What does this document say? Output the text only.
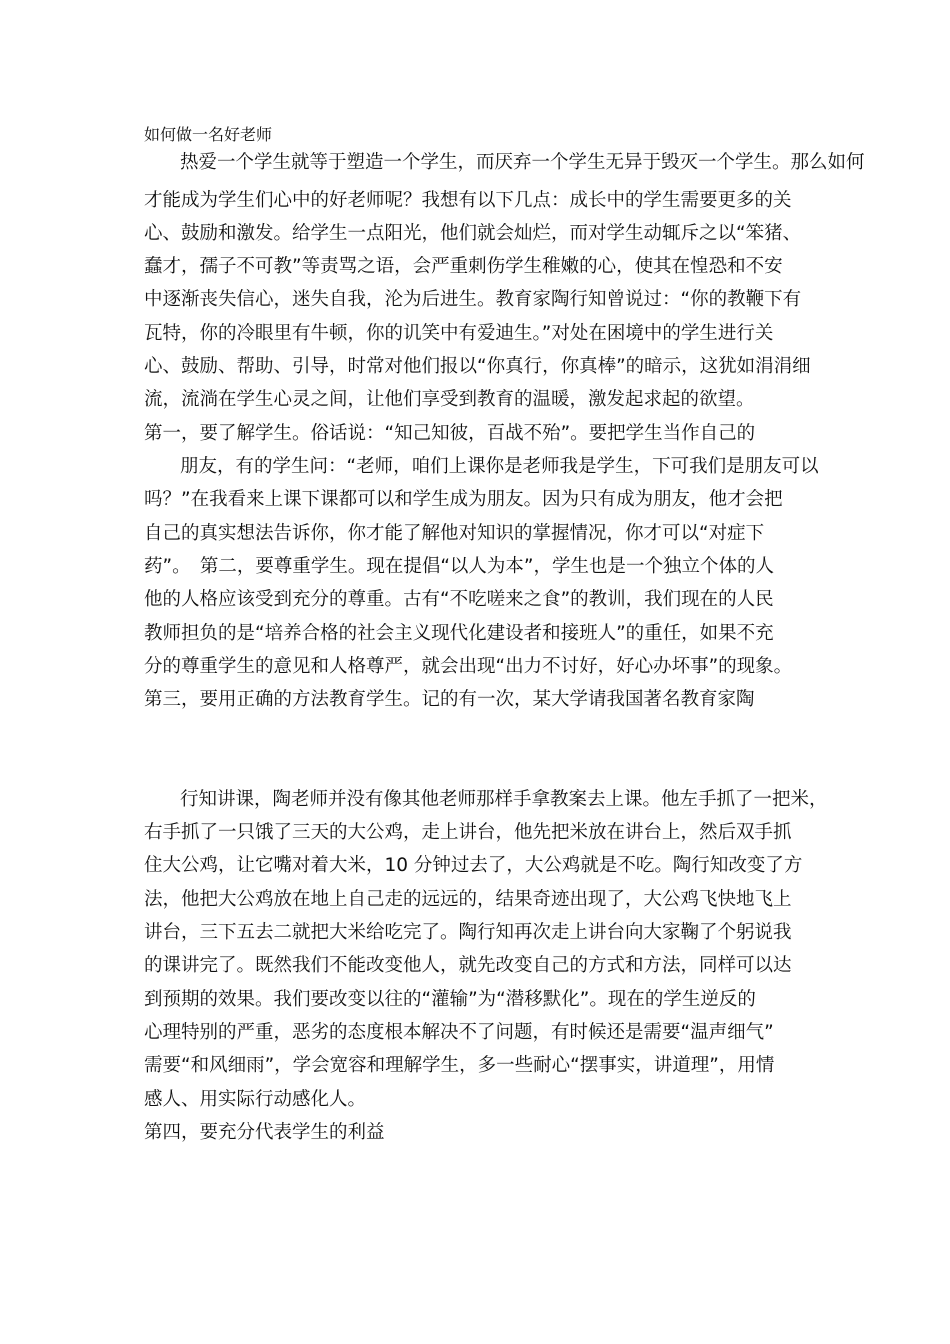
如何做一名好老师
热爱一个学生就等于塑造一个学生，而厌弃一个学生无异于毁灭一个学生。那么如何
才能成为学生们心中的好老师呢？我想有以下几点：成长中的学生需要更多的关
心、鼓励和激发。给学生一点阳光，他们就会灿烂，而对学生动辄斥之以“笨猪、
蠢才，孺子不可教”等责骂之语，会严重刺伤学生稚嫩的心，使其在惶恐和不安
中逐渐丧失信心，迷失自我，沦为后进生。教育家陶行知曾说过：“你的教鞭下有
瓦特，你的冷眼里有牛顿，你的讥笑中有爱迪生。”对处在困境中的学生进行关
心、鼓励、帮助、引导，时常对他们报以“你真行，你真棒”的暗示，这犹如涓涓细
流，流淌在学生心灵之间，让他们享受到教育的温暖，激发起求起的欲望。
第一，要了解学生。俗话说：“知己知彼，百战不殆”。要把学生当作自己的
朋友，有的学生问：“老师，咱们上课你是老师我是学生，下可我们是朋友可以
吗？”在我看来上课下课都可以和学生成为朋友。因为只有成为朋友，他才会把
自己的真实想法告诉你，你才能了解他对知识的掌握情况，你才可以“对症下
药”。　第二，要尊重学生。现在提倡“以人为本”，学生也是一个独立个体的人
他的人格应该受到充分的尊重。古有“不吃嗟来之食”的教训，我们现在的人民
教师担负的是“培养合格的社会主义现代化建设者和接班人”的重任，如果不充
分的尊重学生的意见和人格尊严，就会出现“出力不讨好，好心办坏事”的现象。
第三，要用正确的方法教育学生。记的有一次，某大学请我国著名教育家陶
行知讲课，陶老师并没有像其他老师那样手拿教案去上课。他左手抓了一把米，
右手抓了一只饿了三天的大公鸡，走上讲台，他先把米放在讲台上，然后双手抓
住大公鸡，让它嘴对着大米，10 分钟过去了，大公鸡就是不吃。陶行知改变了方
法，他把大公鸡放在地上自己走的远远的，结果奇迹出现了，大公鸡飞快地飞上
讲台，三下五去二就把大米给吃完了。陶行知再次走上讲台向大家鞠了个躬说我
的课讲完了。既然我们不能改变他人，就先改变自己的方式和方法，同样可以达
到预期的效果。我们要改变以往的“灌输”为“潜移默化”。现在的学生逆反的
心理特别的严重，恶劣的态度根本解决不了问题，有时候还是需要“温声细气”
需要“和风细雨”，学会宽容和理解学生，多一些耐心“摆事实，讲道理”，用情
感人、用实际行动感化人。
第四，要充分代表学生的利益
